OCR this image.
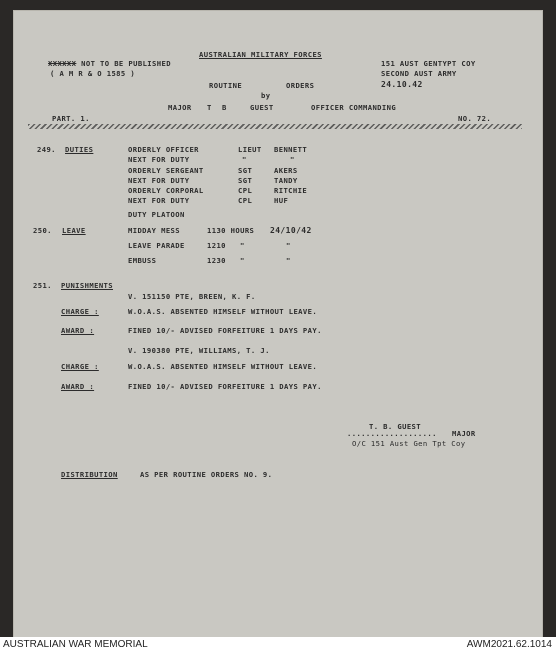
XXXXXX NOT TO BE PUBLISHED
( A M R & O 1585 )
AUSTRALIAN MILITARY FORCES
ROUTINE	ORDERS
by
MAJOR T B	GUEST	OFFICER COMMANDING
151 AUST GENTYPT COY
SECOND AUST ARMY
24.10.42
PART. 1.	NO. 72.
249. DUTIES	ORDERLY OFFICER	LIEUT BENNETT
NEXT FOR DUTY	"	"
ORDERLY SERGEANT	SGT	AKERS
NEXT FOR DUTY	SGT	TANDY
ORDERLY CORPORAL	CPL	RITCHIE
NEXT FOR DUTY	CPL	HUF
DUTY PLATOON
250. LEAVE	MIDDAY MESS	1130 HOURS 24/10/42
LEAVE PARADE	1210 "	"
EMBUSS	1230 "	"
251. PUNISHMENTS
V. 151150 PTE, BREEN, K. F.
CHARGE :	W.O.A.S. ABSENTED HIMSELF WITHOUT LEAVE.
AWARD :	FINED 10/- ADVISED FORFEITURE 1 DAYS PAY.
V. 190380 PTE, WILLIAMS, T. J.
CHARGE :	W.O.A.S. ABSENTED HIMSELF WITHOUT LEAVE.
AWARD :	FINED 10/- ADVISED FORFEITURE 1 DAYS PAY.
T. B. GUEST
................... MAJOR
O/C 151 Aust Gen Tpt Coy
DISTRIBUTION	AS PER ROUTINE ORDERS NO. 9.
AUSTRALIAN WAR MEMORIAL	AWM2021.62.1014
